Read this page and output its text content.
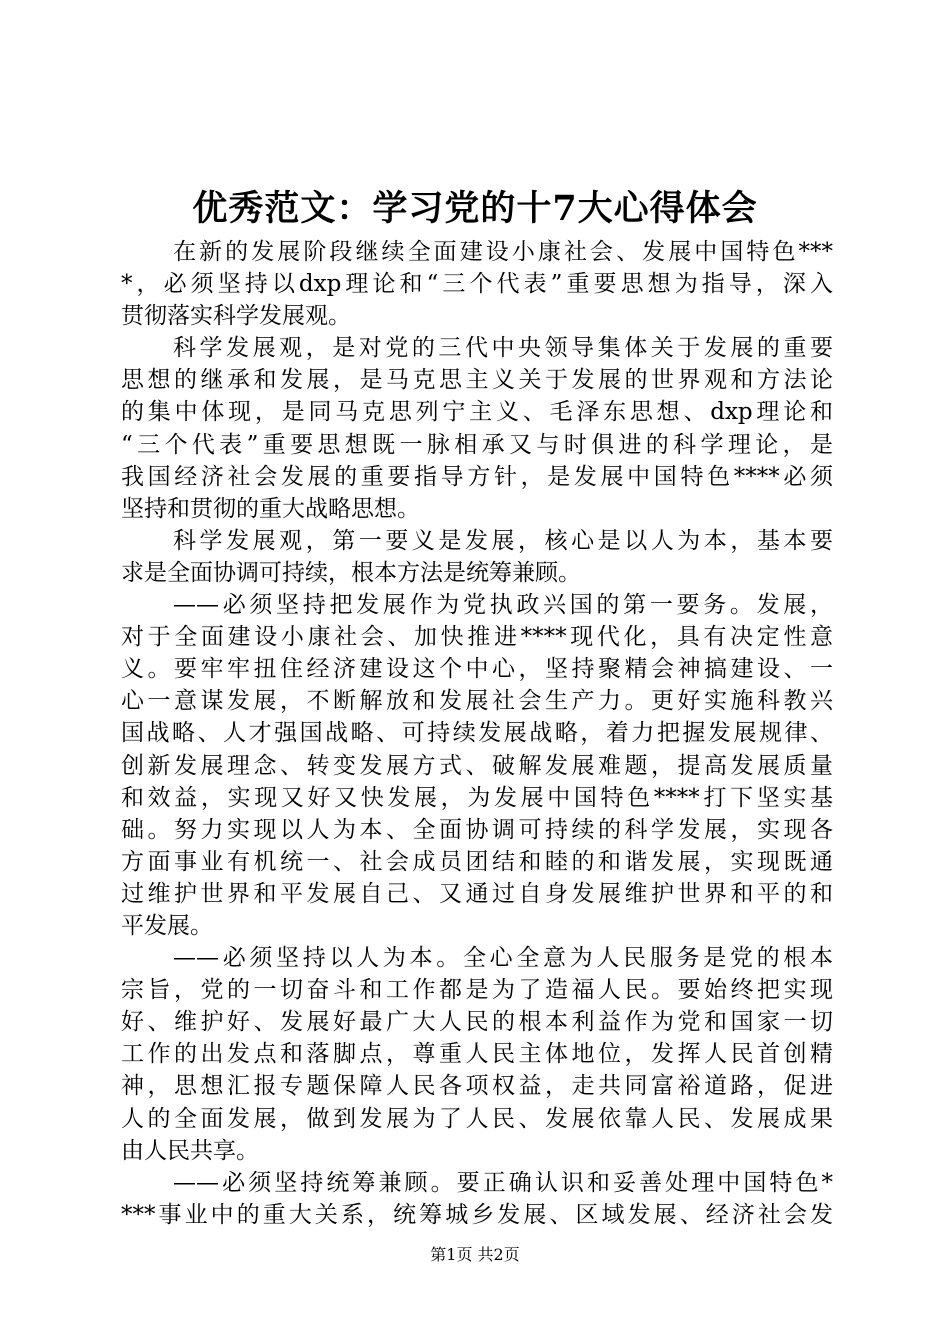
优秀范文：学习党的十7大心得体会
在新的发展阶段继续全面建设小康社会、发展中国特色***
*，必须坚持以dxp理论和“三个代表”重要思想为指导，深入
贯彻落实科学发展观。
科学发展观，是对党的三代中央领导集体关于发展的重要
思想的继承和发展，是马克思主义关于发展的世界观和方法论
的集中体现，是同马克思列宁主义、毛泽东思想、dxp理论和
“三个代表”重要思想既一脉相承又与时俱进的科学理论，是
我国经济社会发展的重要指导方针，是发展中国特色****必须
坚持和贯彻的重大战略思想。
科学发展观，第一要义是发展，核心是以人为本，基本要
求是全面协调可持续，根本方法是统筹兼顾。
——必须坚持把发展作为党执政兴国的第一要务。发展，
对于全面建设小康社会、加快推进****现代化，具有决定性意
义。要牢牢扭住经济建设这个中心，坚持聚精会神搞建设、一
心一意谋发展，不断解放和发展社会生产力。更好实施科教兴
国战略、人才强国战略、可持续发展战略，着力把握发展规律、
创新发展理念、转变发展方式、破解发展难题，提高发展质量
和效益，实现又好又快发展，为发展中国特色****打下坚实基
础。努力实现以人为本、全面协调可持续的科学发展，实现各
方面事业有机统一、社会成员团结和睦的和谐发展，实现既通
过维护世界和平发展自己、又通过自身发展维护世界和平的和
平发展。
——必须坚持以人为本。全心全意为人民服务是党的根本
宗旨，党的一切奋斗和工作都是为了造福人民。要始终把实现
好、维护好、发展好最广大人民的根本利益作为党和国家一切
工作的出发点和落脚点，尊重人民主体地位，发挥人民首创精
神，思想汇报专题保障人民各项权益，走共同富裕道路，促进
人的全面发展，做到发展为了人民、发展依靠人民、发展成果
由人民共享。
——必须坚持统筹兼顾。要正确认识和妥善处理中国特色*
***事业中的重大关系，统筹城乡发展、区域发展、经济社会发
第1页 共2页
